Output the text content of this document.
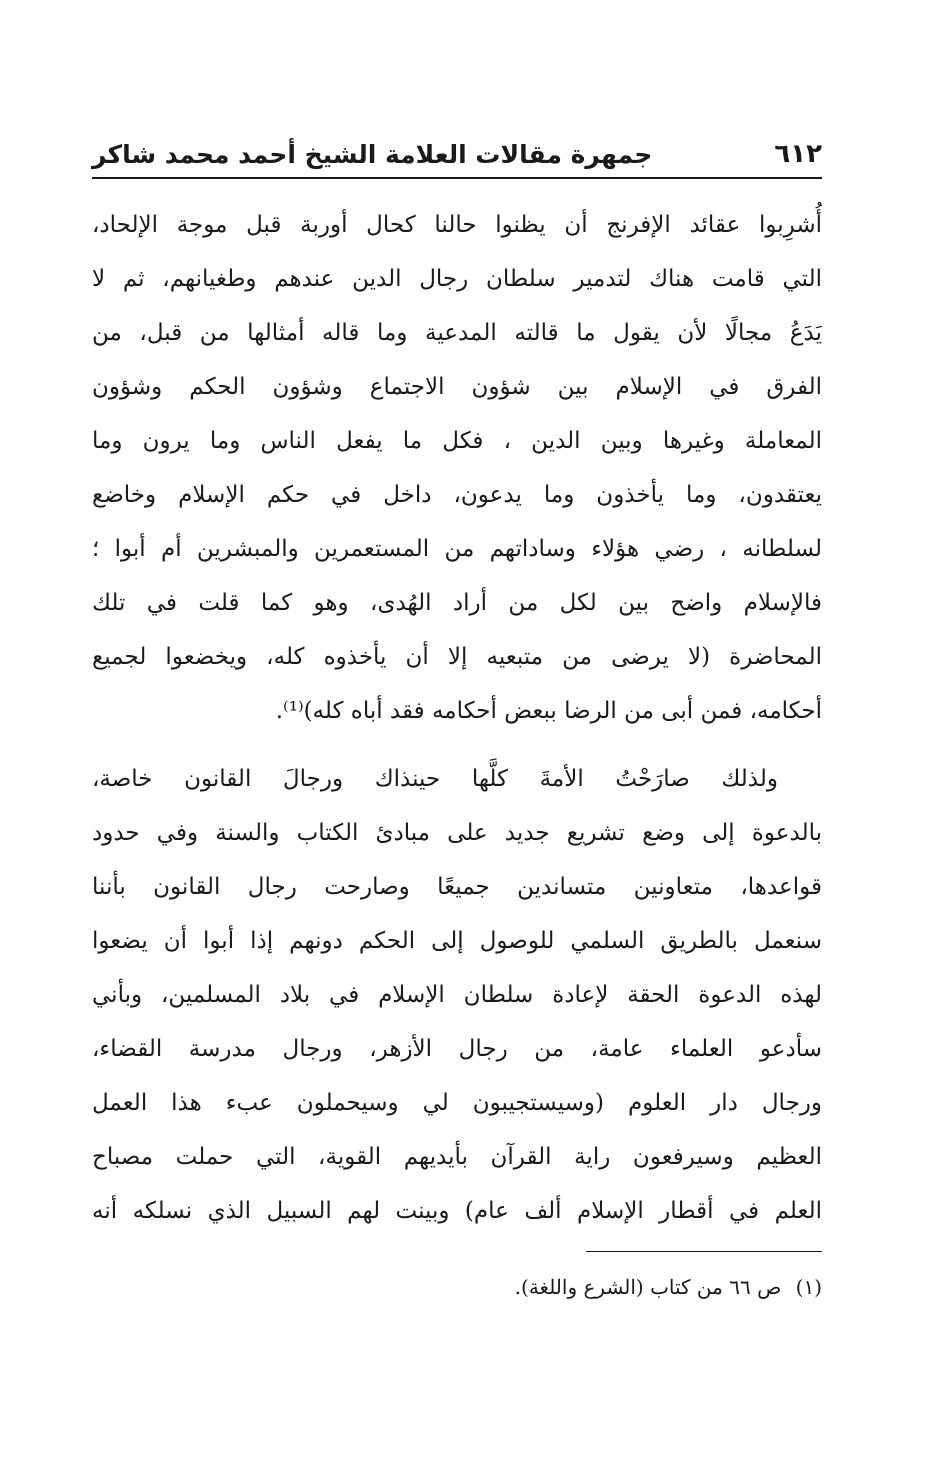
٦١٢
جمهرة مقالات العلامة الشيخ أحمد محمد شاكر
أُشرِبوا عقائد الإفرنج أن يظنوا حالنا كحال أوربة قبل موجة الإلحاد،
التي قامت هناك لتدمير سلطان رجال الدين عندهم وطغيانهم، ثم لا
يَدَعُ مجالًا لأن يقول ما قالته المدعية وما قاله أمثالها من قبل، من
الفرق في الإسلام بين شؤون الاجتماع وشؤون الحكم وشؤون
المعاملة وغيرها وبين الدين ، فكل ما يفعل الناس وما يرون وما
يعتقدون، وما يأخذون وما يدعون، داخل في حكم الإسلام وخاضع
لسلطانه ، رضي هؤلاء وساداتهم من المستعمرين والمبشرين أم أبوا ؛
فالإسلام واضح بين لكل من أراد الهُدى، وهو كما قلت في تلك
المحاضرة (لا يرضى من متبعيه إلا أن يأخذوه كله، ويخضعوا لجميع
أحكامه، فمن أبى من الرضا ببعض أحكامه فقد أباه كله)⁽¹⁾.
ولذلك صارَحْتُ الأمةَ كلَّها حينذاك ورجالَ القانون خاصة،
بالدعوة إلى وضع تشريع جديد على مبادئ الكتاب والسنة وفي حدود
قواعدها، متعاونين متساندين جميعًا وصارحت رجال القانون بأننا
سنعمل بالطريق السلمي للوصول إلى الحكم دونهم إذا أبوا أن يضعوا
لهذه الدعوة الحقة لإعادة سلطان الإسلام في بلاد المسلمين، وبأني
سأدعو العلماء عامة، من رجال الأزهر، ورجال مدرسة القضاء،
ورجال دار العلوم (وسيستجيبون لي وسيحملون عبء هذا العمل
العظيم وسيرفعون راية القرآن بأيديهم القوية، التي حملت مصباح
العلم في أقطار الإسلام ألف عام) وبينت لهم السبيل الذي نسلكه أنه
(١) ص ٦٦ من كتاب (الشرع واللغة).
